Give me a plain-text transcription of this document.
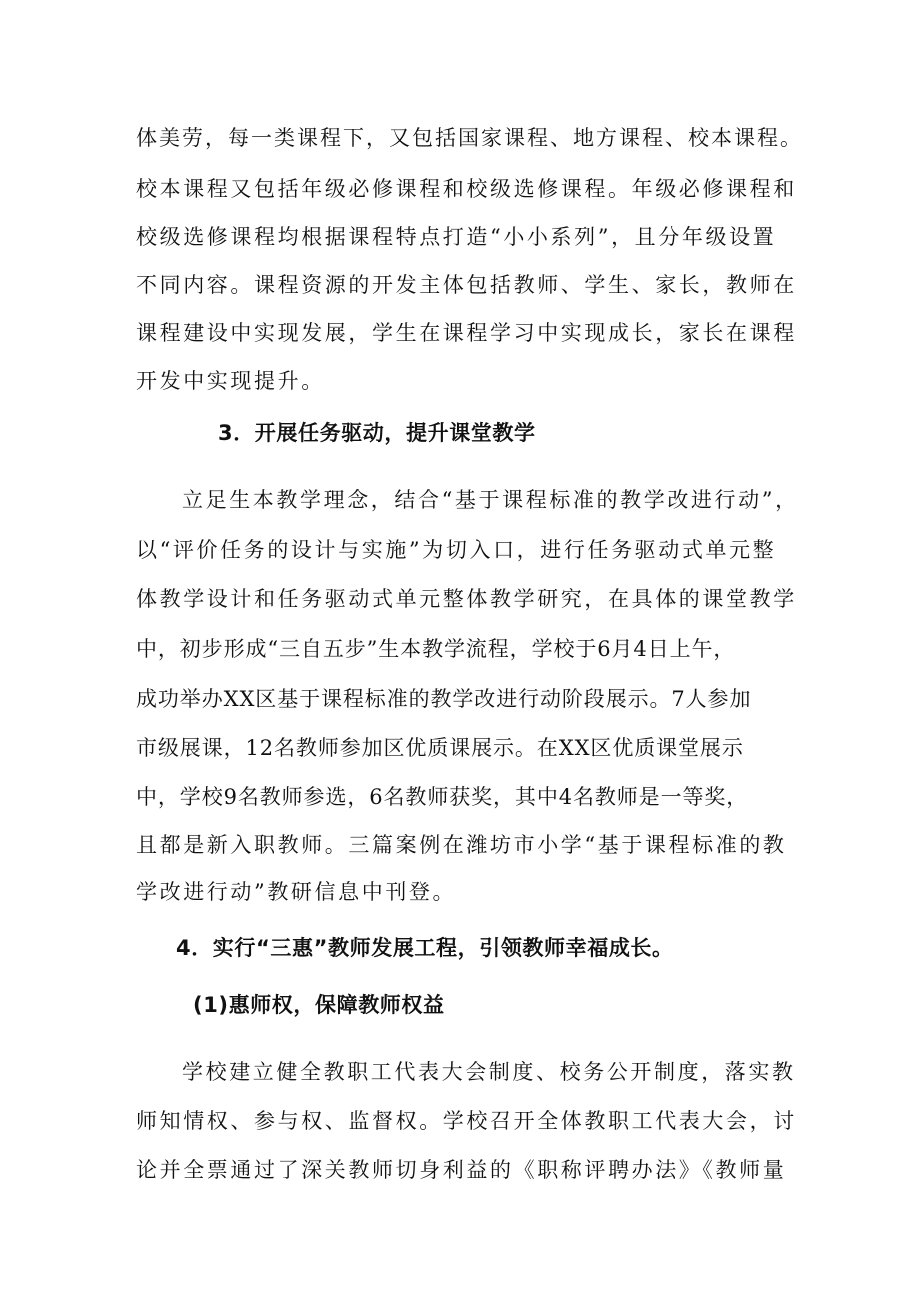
体美劳，每一类课程下，又包括国家课程、地方课程、校本课程。
校本课程又包括年级必修课程和校级选修课程。年级必修课程和
校级选修课程均根据课程特点打造“小小系列”，且分年级设置
不同内容。课程资源的开发主体包括教师、学生、家长，教师在
课程建设中实现发展，学生在课程学习中实现成长，家长在课程
开发中实现提升。
3．开展任务驱动，提升课堂教学
立足生本教学理念，结合“基于课程标准的教学改进行动”，
以“评价任务的设计与实施”为切入口，进行任务驱动式单元整
体教学设计和任务驱动式单元整体教学研究，在具体的课堂教学
中，初步形成“三自五步”生本教学流程，学校于6月4日上午，
成功举办XX区基于课程标准的教学改进行动阶段展示。7人参加
市级展课，12名教师参加区优质课展示。在XX区优质课堂展示
中，学校9名教师参选，6名教师获奖，其中4名教师是一等奖，
且都是新入职教师。三篇案例在潍坊市小学“基于课程标准的教
学改进行动”教研信息中刊登。
4．实行“三惠”教师发展工程，引领教师幸福成长。
(1)惠师权，保障教师权益
学校建立健全教职工代表大会制度、校务公开制度，落实教
师知情权、参与权、监督权。学校召开全体教职工代表大会，讨
论并全票通过了深关教师切身利益的《职称评聘办法》《教师量
